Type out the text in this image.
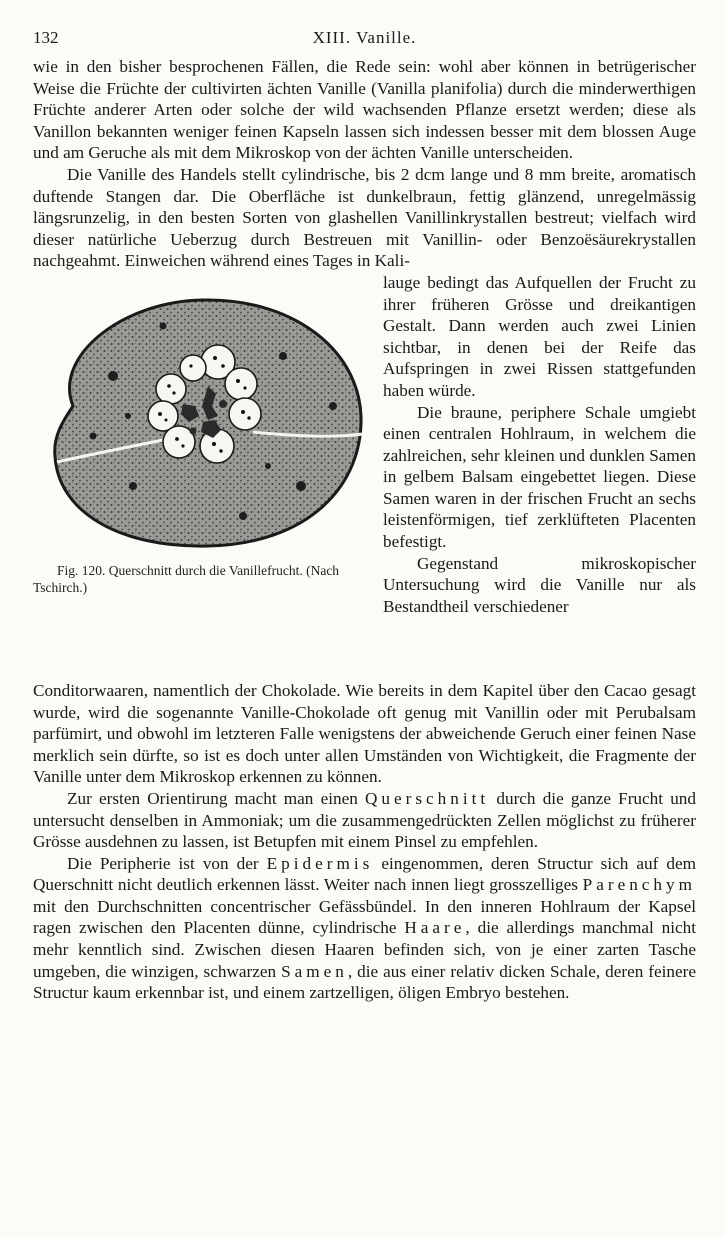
132	XIII. Vanille.

wie in den bisher besprochenen Fällen, die Rede sein: wohl aber können in betrügerischer Weise die Früchte der cultivirten ächten Vanille (Vanilla planifolia) durch die minderwerthigen Früchte anderer Arten oder solche der wild wachsenden Pflanze ersetzt werden; diese als Vanillon bekannten weniger feinen Kapseln lassen sich indessen besser mit dem blossen Auge und am Geruche als mit dem Mikroskop von der ächten Vanille unterscheiden.

Die Vanille des Handels stellt cylindrische, bis 2 dcm lange und 8 mm breite, aromatisch duftende Stangen dar. Die Oberfläche ist dunkelbraun, fettig glänzend, unregelmässig längsrunzelig, in den besten Sorten von glashellen Vanillinkrystallen bestreut; vielfach wird dieser natürliche Ueberzug durch Bestreuen mit Vanillin- oder Benzoësäurekrystallen nachgeahmt. Einweichen während eines Tages in Kali-

Fig. 120. Querschnitt durch die Vanillefrucht. (Nach Tschirch.)

lauge bedingt das Aufquellen der Frucht zu ihrer früheren Grösse und dreikantigen Gestalt. Dann werden auch zwei Linien sichtbar, in denen bei der Reife das Aufspringen in zwei Rissen stattgefunden haben würde.

Die braune, periphere Schale umgiebt einen centralen Hohlraum, in welchem die zahlreichen, sehr kleinen und dunklen Samen in gelbem Balsam eingebettet liegen. Diese Samen waren in der frischen Frucht an sechs leistenförmigen, tief zerklüfteten Placenten befestigt.

Gegenstand mikroskopischer Untersuchung wird die Vanille nur als Bestandtheil verschiedener

Conditorwaaren, namentlich der Chokolade. Wie bereits in dem Kapitel über den Cacao gesagt wurde, wird die sogenannte Vanille-Chokolade oft genug mit Vanillin oder mit Perubalsam parfümirt, und obwohl im letzteren Falle wenigstens der abweichende Geruch einer feinen Nase merklich sein dürfte, so ist es doch unter allen Umständen von Wichtigkeit, die Fragmente der Vanille unter dem Mikroskop erkennen zu können.

Zur ersten Orientirung macht man einen Querschnitt durch die ganze Frucht und untersucht denselben in Ammoniak; um die zusammengedrückten Zellen möglichst zu früherer Grösse ausdehnen zu lassen, ist Betupfen mit einem Pinsel zu empfehlen.

Die Peripherie ist von der Epidermis eingenommen, deren Structur sich auf dem Querschnitt nicht deutlich erkennen lässt. Weiter nach innen liegt grosszelliges Parenchym mit den Durchschnitten concentrischer Gefässbündel. In den inneren Hohlraum der Kapsel ragen zwischen den Placenten dünne, cylindrische Haare, die allerdings manchmal nicht mehr kenntlich sind. Zwischen diesen Haaren befinden sich, von je einer zarten Tasche umgeben, die winzigen, schwarzen Samen, die aus einer relativ dicken Schale, deren feinere Structur kaum erkennbar ist, und einem zartzelligen, öligen Embryo bestehen.
